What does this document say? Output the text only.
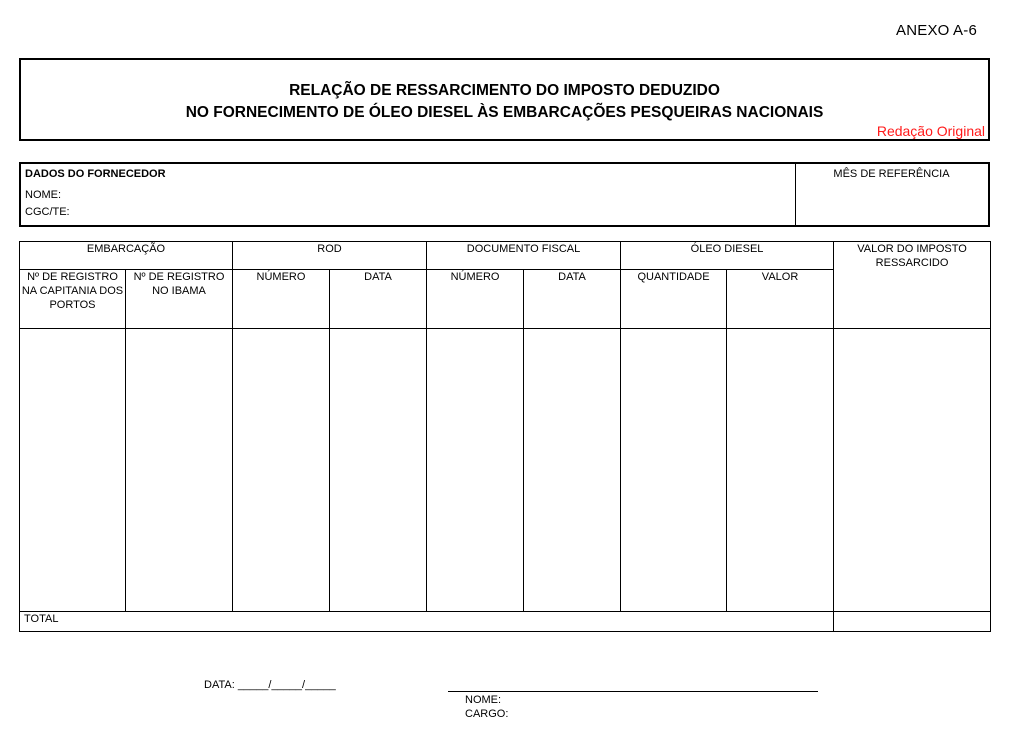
ANEXO A-6
RELAÇÃO DE RESSARCIMENTO DO IMPOSTO DEDUZIDO
NO FORNECIMENTO DE ÓLEO DIESEL ÀS EMBARCAÇÕES PESQUEIRAS NACIONAIS
Redação Original
DADOS DO FORNECEDOR
NOME:
CGC/TE:
MÊS DE REFERÊNCIA
EMBARCAÇÃO		ROD		DOCUMENTO FISCAL		ÓLEO DIESEL		VALOR DO IMPOSTO RESSARCIDO
Nº DE REGISTRO NA CAPITANIA DOS PORTOS	Nº DE REGISTRO NO IBAMA	NÚMERO	DATA	NÚMERO	DATA	QUANTIDADE	VALOR	

TOTAL								
DATA: _____/_____/_____
NOME:
CARGO:
